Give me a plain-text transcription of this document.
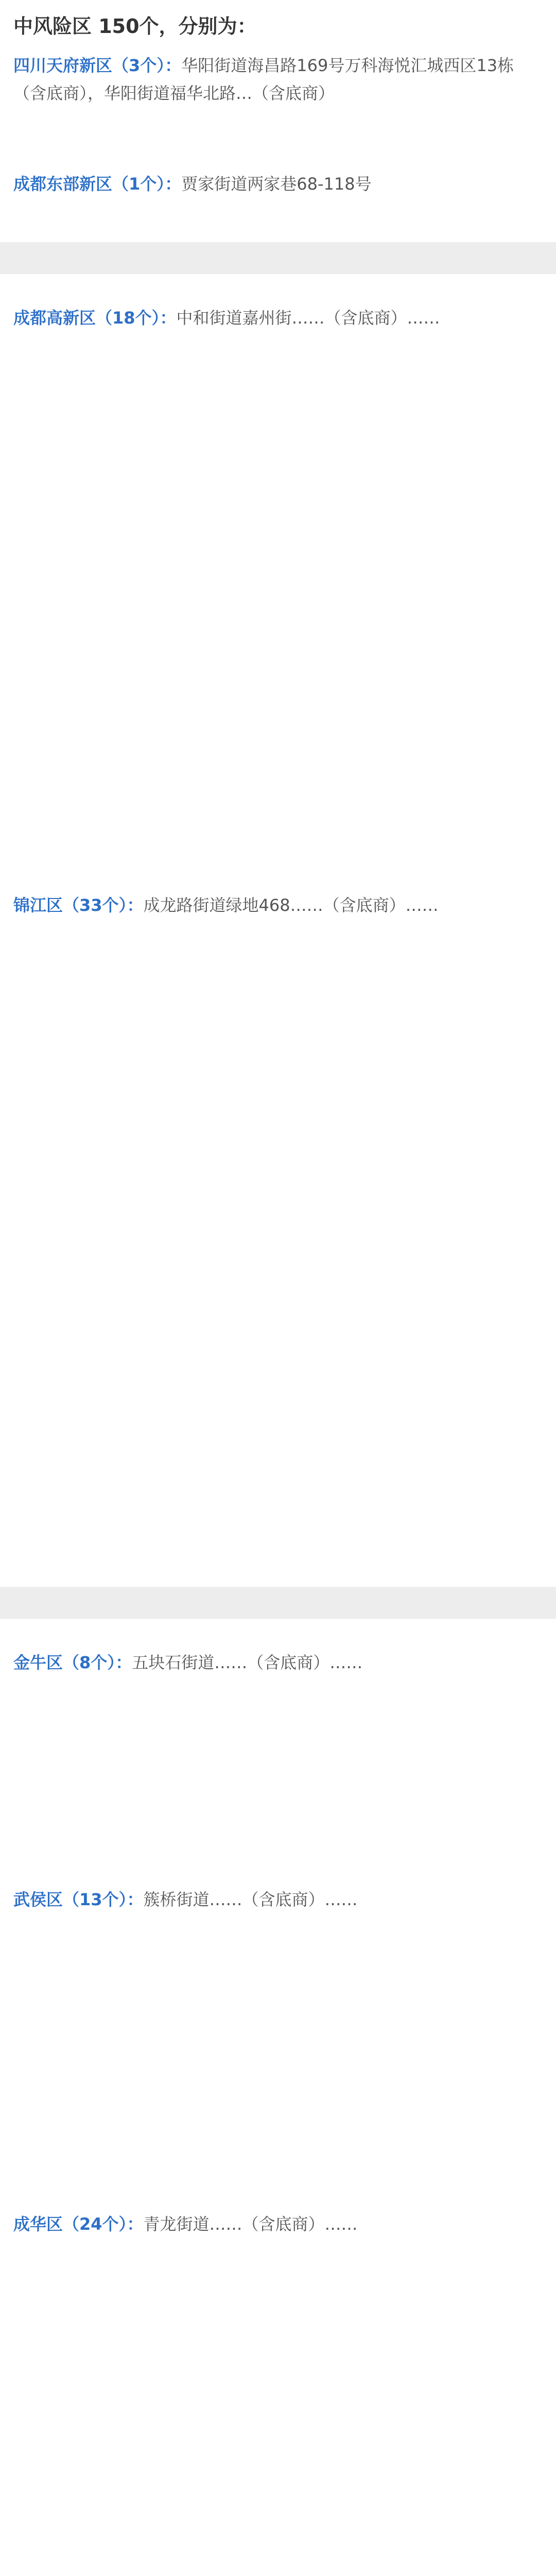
中风险区 150个，分别为：
四川天府新区（3个）：华阳街道海昌路169号万科海悦汇城西区13栋（含底商），华阳街道福华北路…（含底商）
成都东部新区（1个）：贾家街道两家巷68-118号
成都高新区（18个）：中和街道嘉州街……（含底商）……
锦江区（33个）：成龙路街道绿地468……（含底商）……
金牛区（8个）：五块石街道……（含底商）……
武侯区（13个）：簇桥街道……（含底商）……
成华区（24个）：青龙街道……（含底商）……
